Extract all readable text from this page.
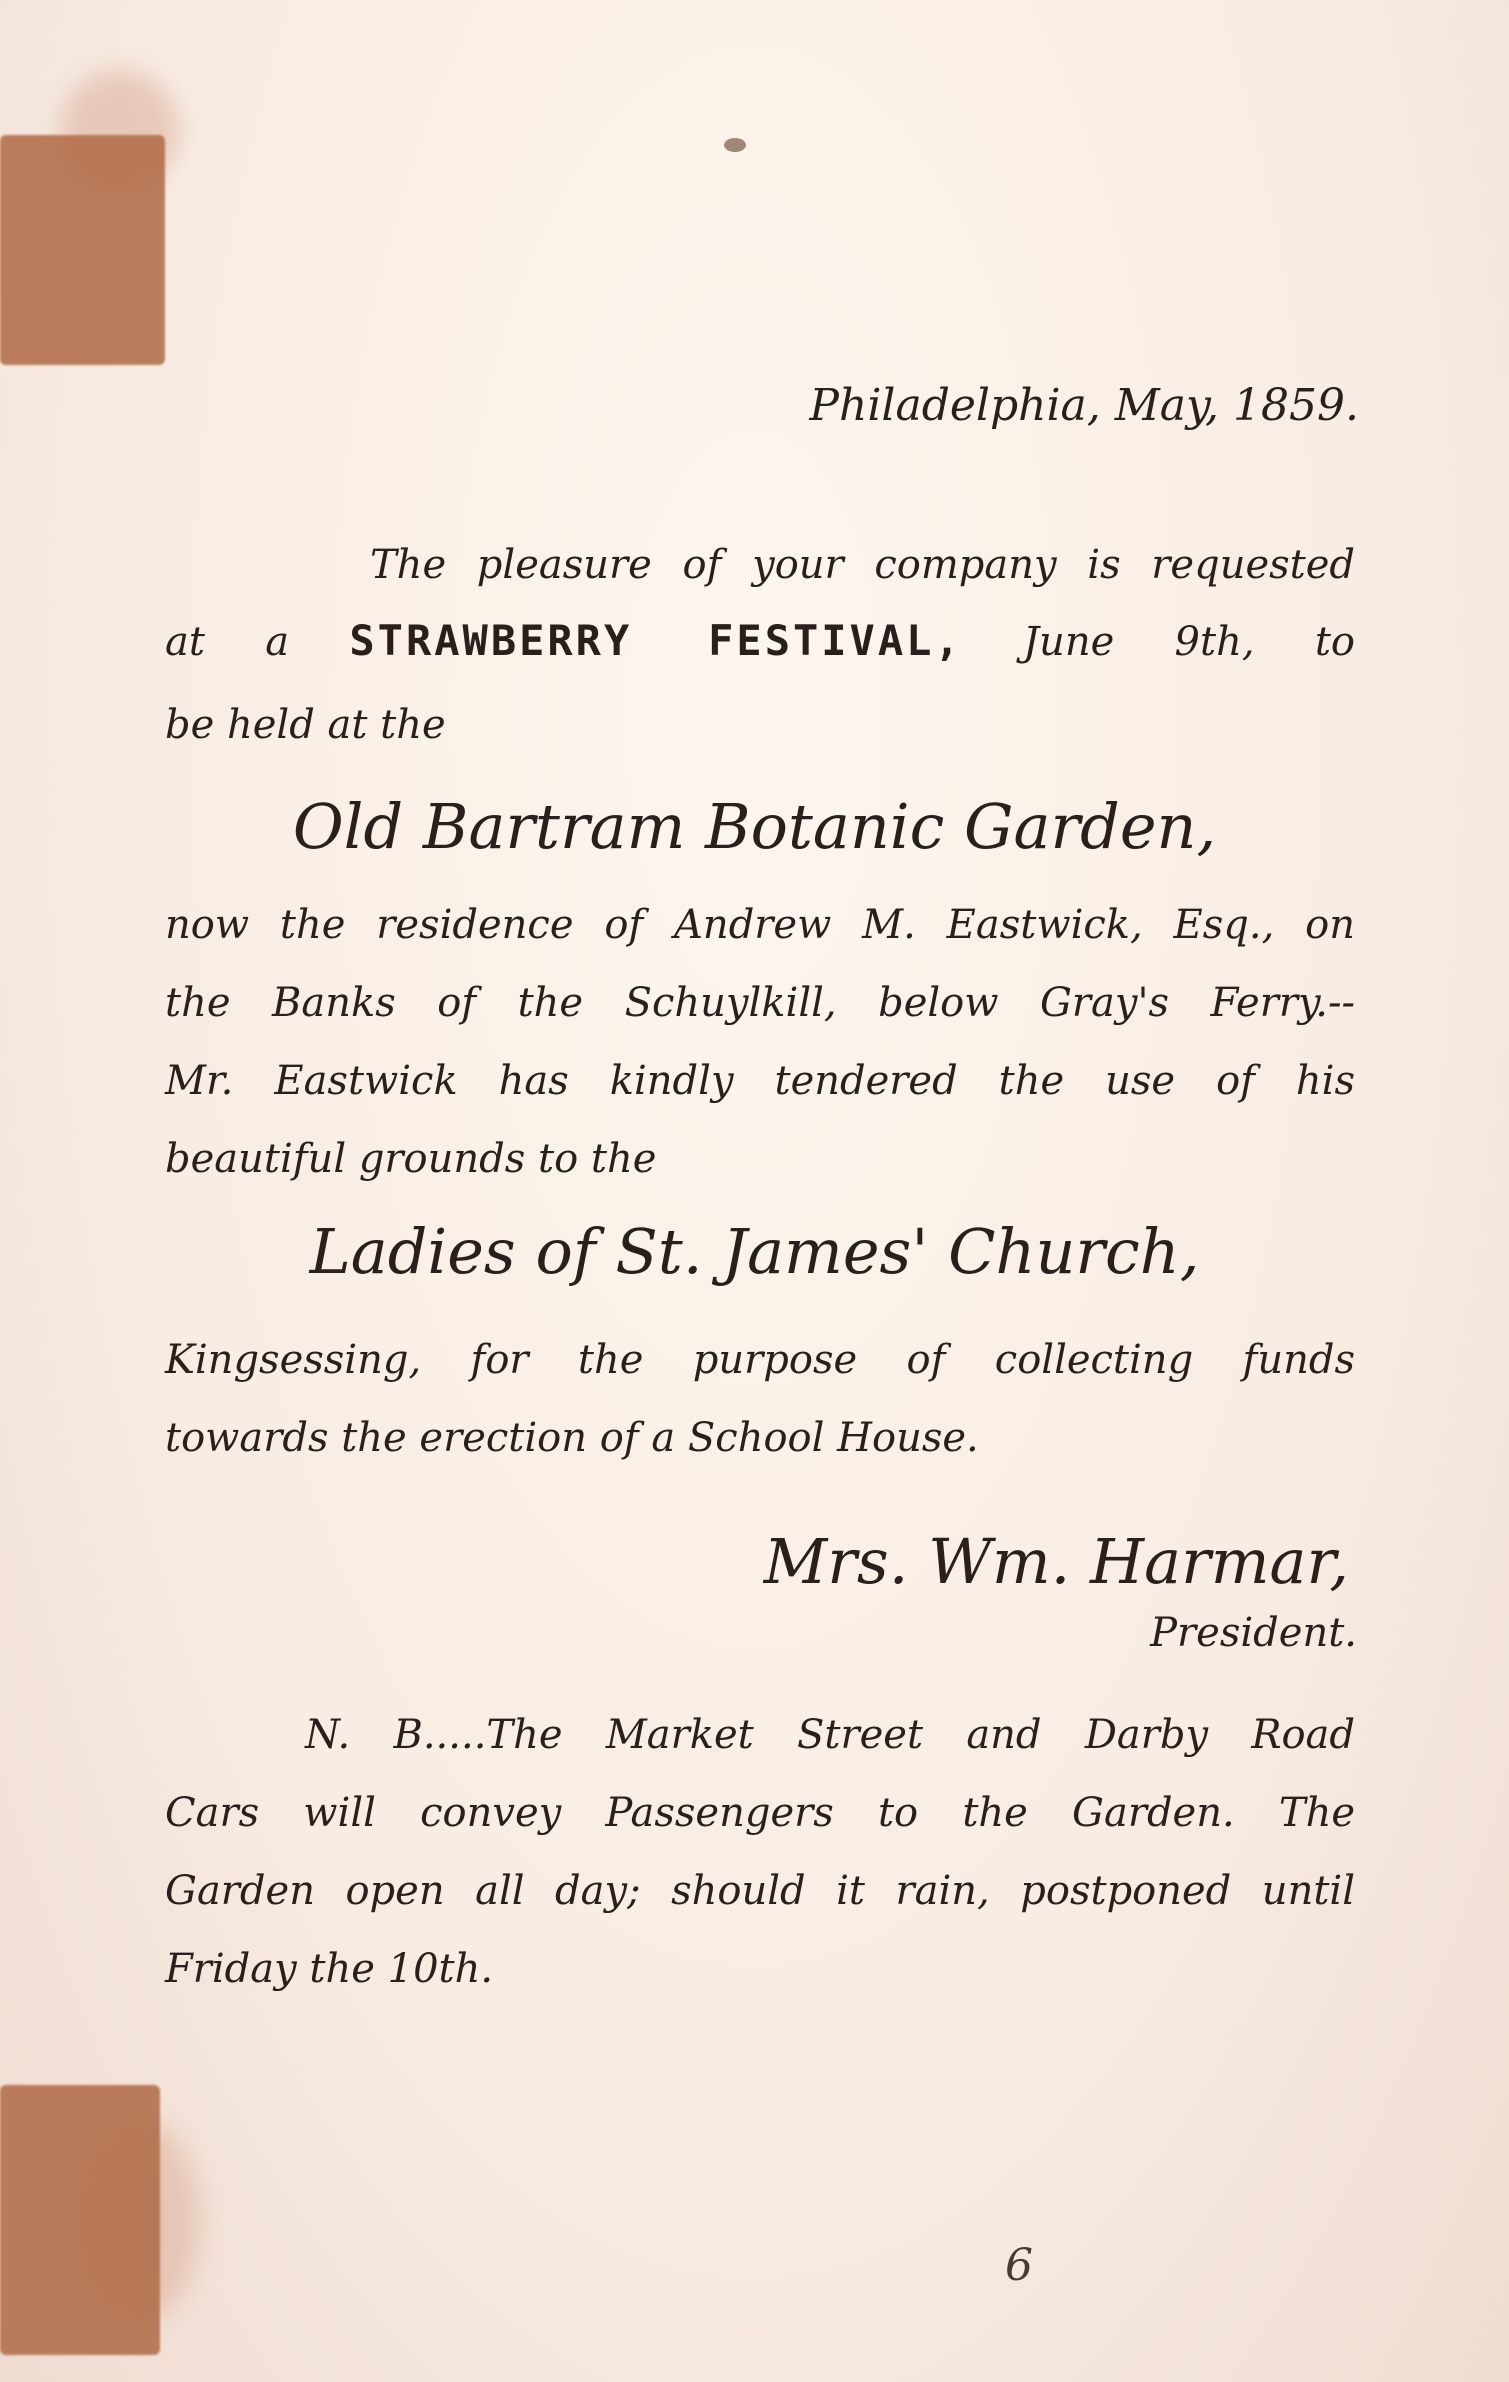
Philadelphia, May, 1859.
The pleasure of your company is requested
at a STRAWBERRY FESTIVAL, June 9th, to
be held at the
Old Bartram Botanic Garden,
now the residence of Andrew M. Eastwick, Esq., on
the Banks of the Schuylkill, below Gray's Ferry.--
Mr. Eastwick has kindly tendered the use of his
beautiful grounds to the
Ladies of St. James' Church,
Kingsessing, for the purpose of collecting funds
towards the erection of a School House.
Mrs. Wm. Harmar,
President.
N. B.....The Market Street and Darby Road
Cars will convey Passengers to the Garden. The
Garden open all day; should it rain, postponed until
Friday the 10th.
6
